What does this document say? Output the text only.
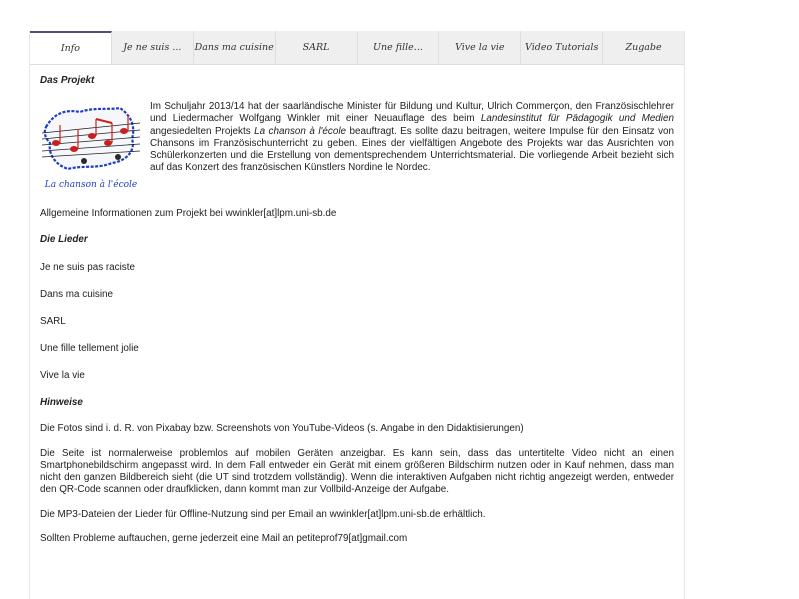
Info	Je ne suis ...	Dans ma cuisine	SARL	Une fille...	Vive la vie	Video Tutorials	Zugabe
Das Projekt
La chanson à l'école
Im Schuljahr 2013/14 hat der saarländische Minister für Bildung und Kultur, Ulrich Commerçon, den Französischlehrer und Liedermacher Wolfgang Winkler mit einer Neuauflage des beim Landesinstitut für Pädagogik und Medien angesiedelten Projekts La chanson à l'école beauftragt. Es sollte dazu beitragen, weitere Impulse für den Einsatz von Chansons im Französischunterricht zu geben. Eines der vielfältigen Angebote des Projekts war das Ausrichten von Schülerkonzerten und die Erstellung von dementsprechendem Unterrichtsmaterial. Die vorliegende Arbeit bezieht sich auf das Konzert des französischen Künstlers Nordine le Nordec.

Allgemeine Informationen zum Projekt bei wwinkler[at]lpm.uni-sb.de

Die Lieder
Je ne suis pas raciste
Dans ma cuisine
SARL
Une fille tellement jolie
Vive la vie
Hinweise

Die Fotos sind i. d. R. von Pixabay bzw. Screenshots von YouTube-Videos (s. Angabe in den Didaktisierungen)

Die Seite ist normalerweise problemlos auf mobilen Geräten anzeigbar. Es kann sein, dass das untertitelte Video nicht an einen Smartphonebildschirm angepasst wird. In dem Fall entweder ein Gerät mit einem größeren Bildschirm nutzen oder in Kauf nehmen, dass man nicht den ganzen Bildbereich sieht (die UT sind trotzdem vollständig). Wenn die interaktiven Aufgaben nicht richtig angezeigt werden, entweder den QR-Code scannen oder draufklicken, dann kommt man zur Vollbild-Anzeige der Aufgabe.

Die MP3-Dateien der Lieder für Offline-Nutzung sind per Email an wwinkler[at]lpm.uni-sb.de erhältlich.

Sollten Probleme auftauchen, gerne jederzeit eine Mail an petiteprof79[at]gmail.com
